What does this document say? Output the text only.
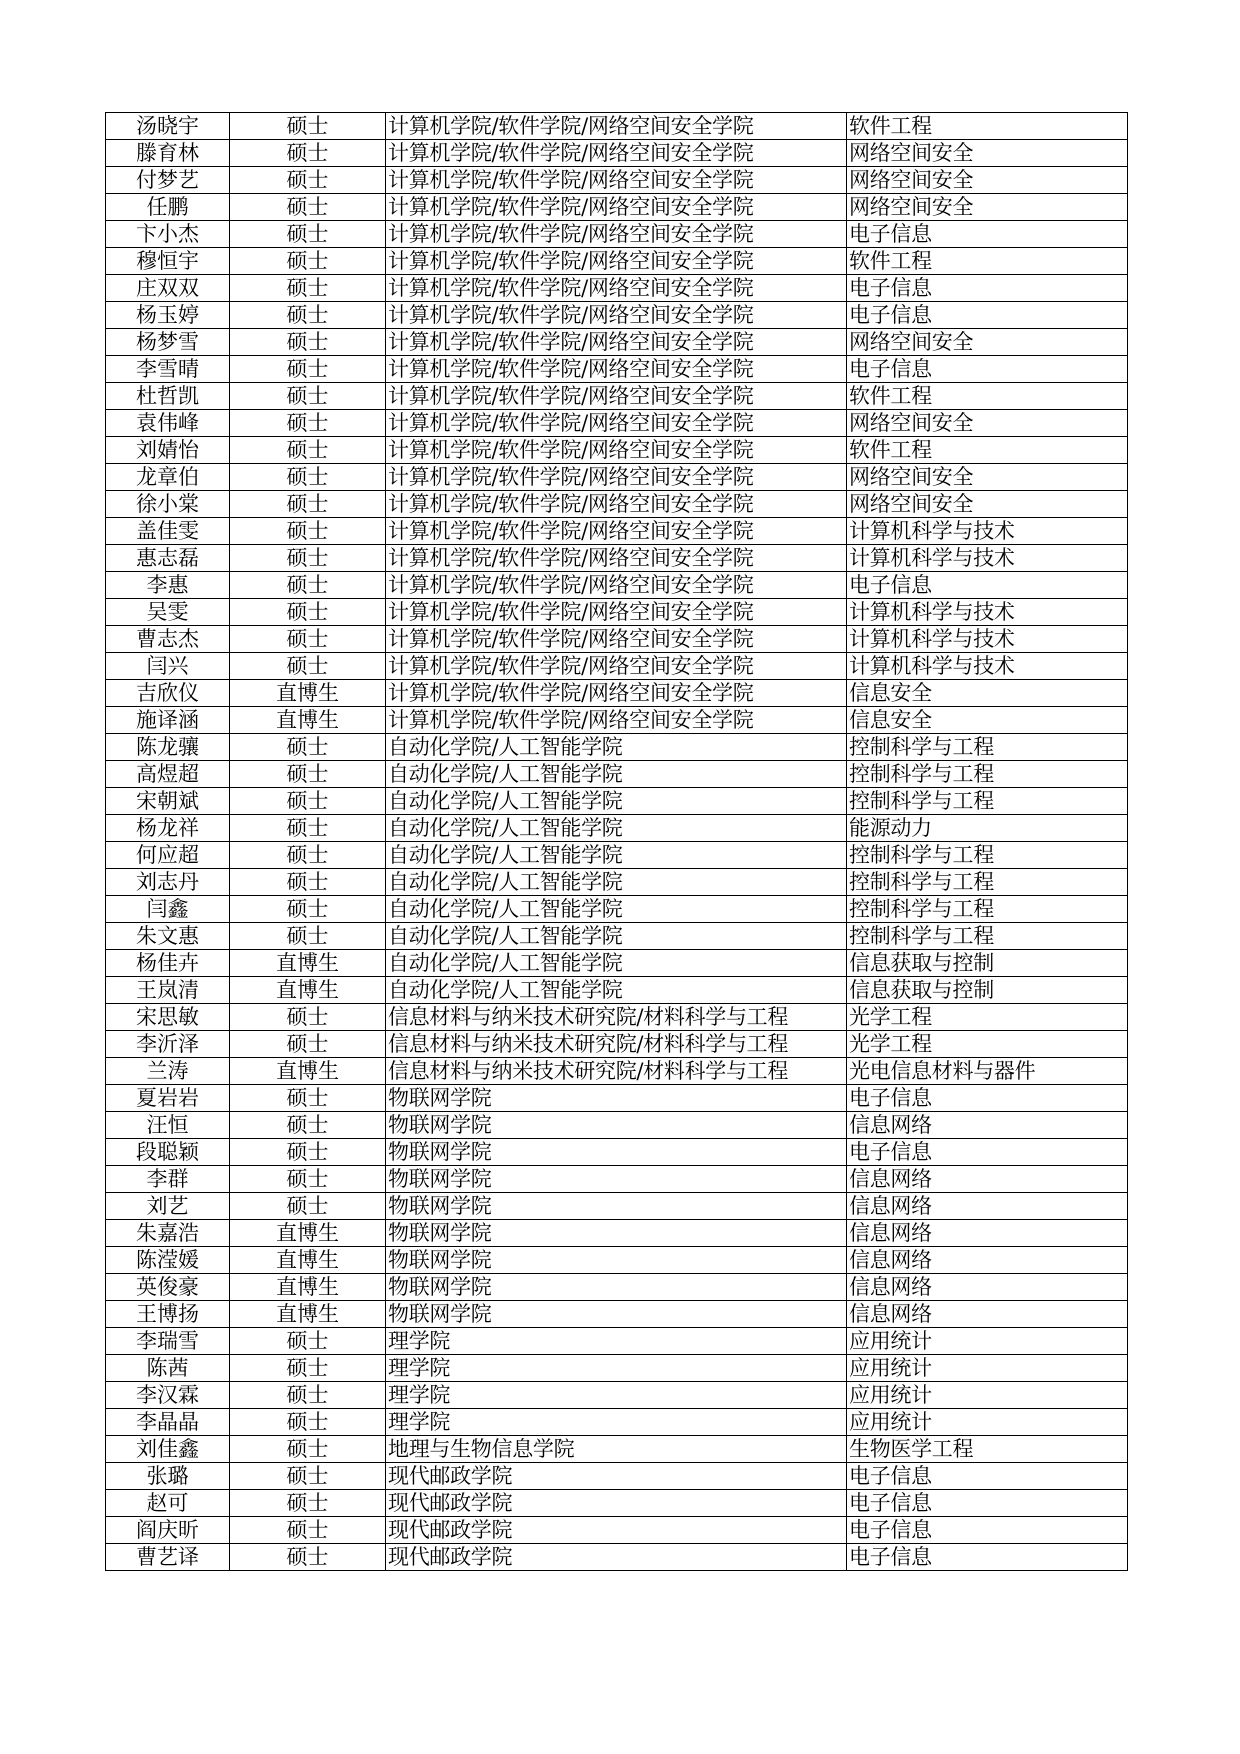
汤晓宇	硕士	计算机学院/软件学院/网络空间安全学院	软件工程
滕育林	硕士	计算机学院/软件学院/网络空间安全学院	网络空间安全
付梦艺	硕士	计算机学院/软件学院/网络空间安全学院	网络空间安全
任鹏	硕士	计算机学院/软件学院/网络空间安全学院	网络空间安全
卞小杰	硕士	计算机学院/软件学院/网络空间安全学院	电子信息
穆恒宇	硕士	计算机学院/软件学院/网络空间安全学院	软件工程
庄双双	硕士	计算机学院/软件学院/网络空间安全学院	电子信息
杨玉婷	硕士	计算机学院/软件学院/网络空间安全学院	电子信息
杨梦雪	硕士	计算机学院/软件学院/网络空间安全学院	网络空间安全
李雪晴	硕士	计算机学院/软件学院/网络空间安全学院	电子信息
杜哲凯	硕士	计算机学院/软件学院/网络空间安全学院	软件工程
袁伟峰	硕士	计算机学院/软件学院/网络空间安全学院	网络空间安全
刘婧怡	硕士	计算机学院/软件学院/网络空间安全学院	软件工程
龙章伯	硕士	计算机学院/软件学院/网络空间安全学院	网络空间安全
徐小棠	硕士	计算机学院/软件学院/网络空间安全学院	网络空间安全
盖佳雯	硕士	计算机学院/软件学院/网络空间安全学院	计算机科学与技术
惠志磊	硕士	计算机学院/软件学院/网络空间安全学院	计算机科学与技术
李惠	硕士	计算机学院/软件学院/网络空间安全学院	电子信息
吴雯	硕士	计算机学院/软件学院/网络空间安全学院	计算机科学与技术
曹志杰	硕士	计算机学院/软件学院/网络空间安全学院	计算机科学与技术
闫兴	硕士	计算机学院/软件学院/网络空间安全学院	计算机科学与技术
吉欣仪	直博生	计算机学院/软件学院/网络空间安全学院	信息安全
施译涵	直博生	计算机学院/软件学院/网络空间安全学院	信息安全
陈龙骧	硕士	自动化学院/人工智能学院	控制科学与工程
高煜超	硕士	自动化学院/人工智能学院	控制科学与工程
宋朝斌	硕士	自动化学院/人工智能学院	控制科学与工程
杨龙祥	硕士	自动化学院/人工智能学院	能源动力
何应超	硕士	自动化学院/人工智能学院	控制科学与工程
刘志丹	硕士	自动化学院/人工智能学院	控制科学与工程
闫鑫	硕士	自动化学院/人工智能学院	控制科学与工程
朱文惠	硕士	自动化学院/人工智能学院	控制科学与工程
杨佳卉	直博生	自动化学院/人工智能学院	信息获取与控制
王岚清	直博生	自动化学院/人工智能学院	信息获取与控制
宋思敏	硕士	信息材料与纳米技术研究院/材料科学与工程	光学工程
李沂泽	硕士	信息材料与纳米技术研究院/材料科学与工程	光学工程
兰涛	直博生	信息材料与纳米技术研究院/材料科学与工程	光电信息材料与器件
夏岩岩	硕士	物联网学院	电子信息
汪恒	硕士	物联网学院	信息网络
段聪颖	硕士	物联网学院	电子信息
李群	硕士	物联网学院	信息网络
刘艺	硕士	物联网学院	信息网络
朱嘉浩	直博生	物联网学院	信息网络
陈滢媛	直博生	物联网学院	信息网络
英俊豪	直博生	物联网学院	信息网络
王博扬	直博生	物联网学院	信息网络
李瑞雪	硕士	理学院	应用统计
陈茜	硕士	理学院	应用统计
李汉霖	硕士	理学院	应用统计
李晶晶	硕士	理学院	应用统计
刘佳鑫	硕士	地理与生物信息学院	生物医学工程
张璐	硕士	现代邮政学院	电子信息
赵可	硕士	现代邮政学院	电子信息
阎庆昕	硕士	现代邮政学院	电子信息
曹艺译	硕士	现代邮政学院	电子信息
